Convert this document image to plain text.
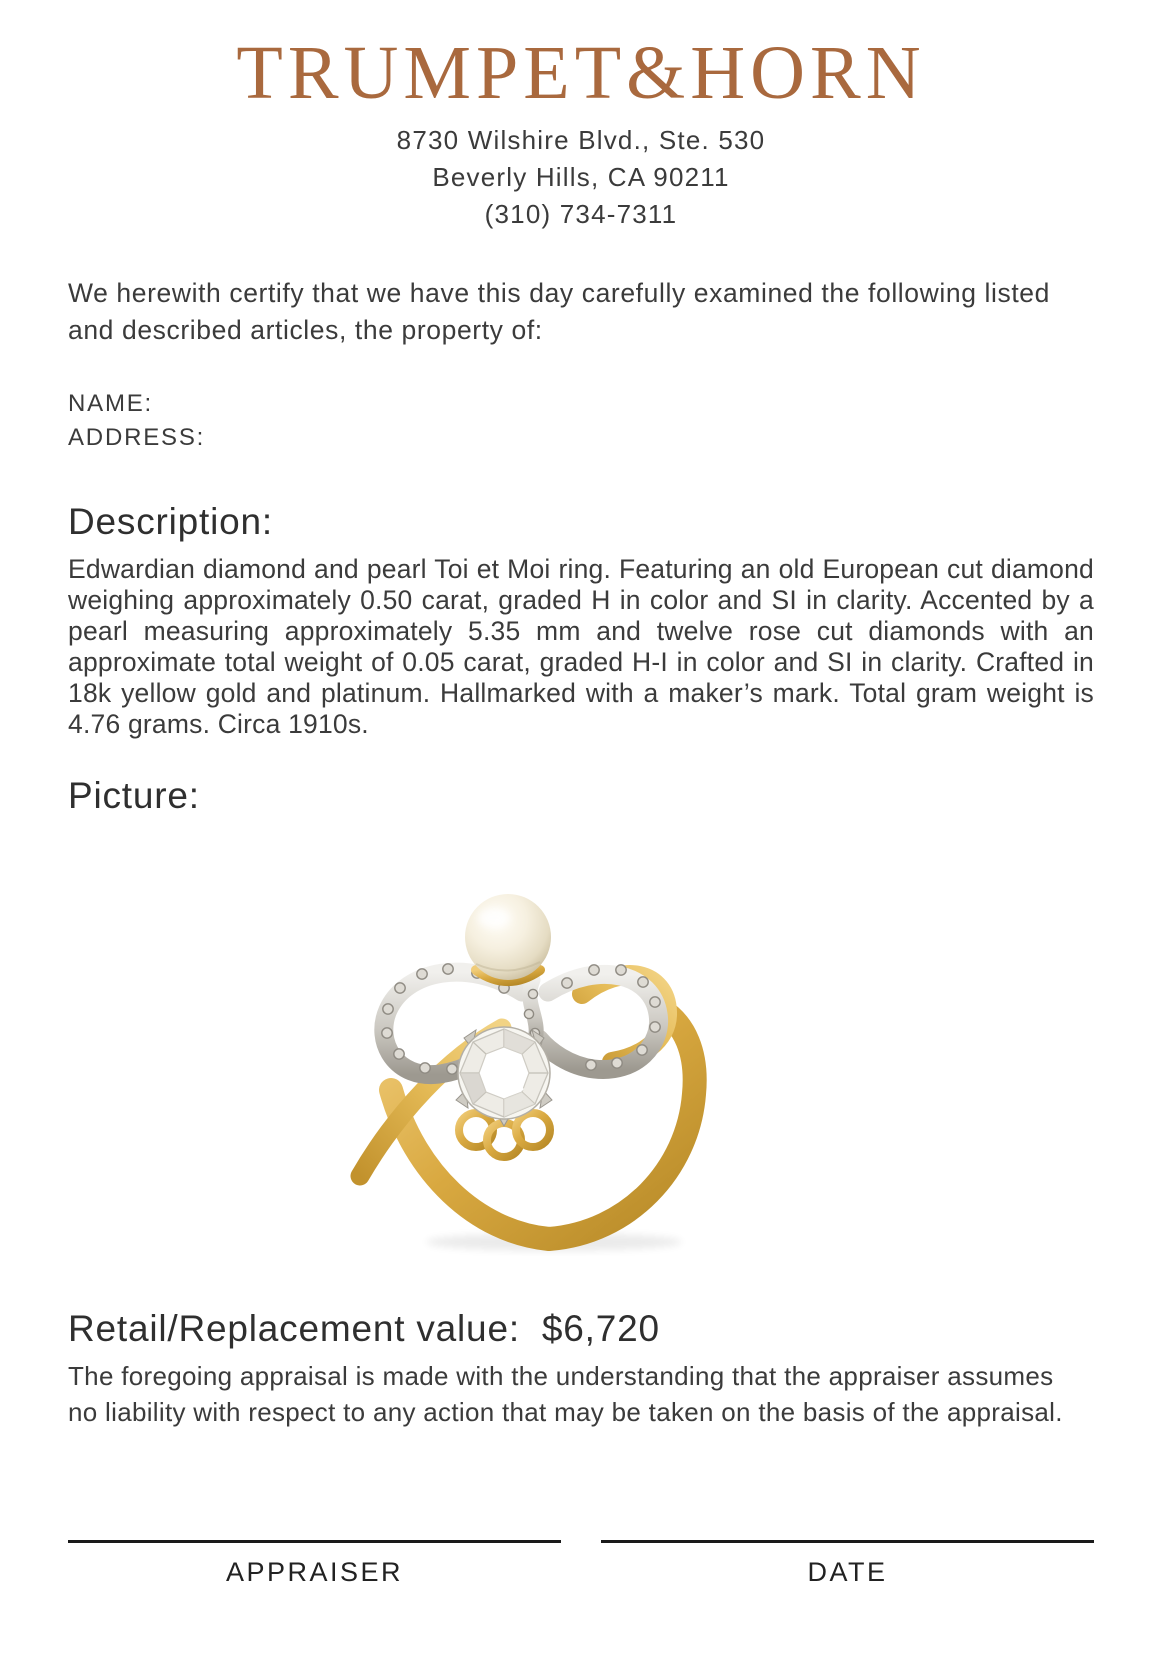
TRUMPET&HORN
8730 Wilshire Blvd., Ste. 530
Beverly Hills, CA 90211
(310) 734-7311

We herewith certify that we have this day carefully examined the following listed and described articles, the property of:

NAME:
ADDRESS:
Description:

Edwardian diamond and pearl Toi et Moi ring. Featuring an old European cut diamond weighing approximately 0.50 carat, graded H in color and SI in clarity. Accented by a pearl measuring approximately 5.35 mm and twelve rose cut diamonds with an approximate total weight of 0.05 carat, graded H-I in color and SI in clarity. Crafted in 18k yellow gold and platinum. Hallmarked with a maker’s mark. Total gram weight is 4.76 grams. Circa 1910s.

Picture:
Retail/Replacement value: $6,720

The foregoing appraisal is made with the understanding that the appraiser assumes no liability with respect to any action that may be taken on the basis of the appraisal.

APPRAISER	DATE
